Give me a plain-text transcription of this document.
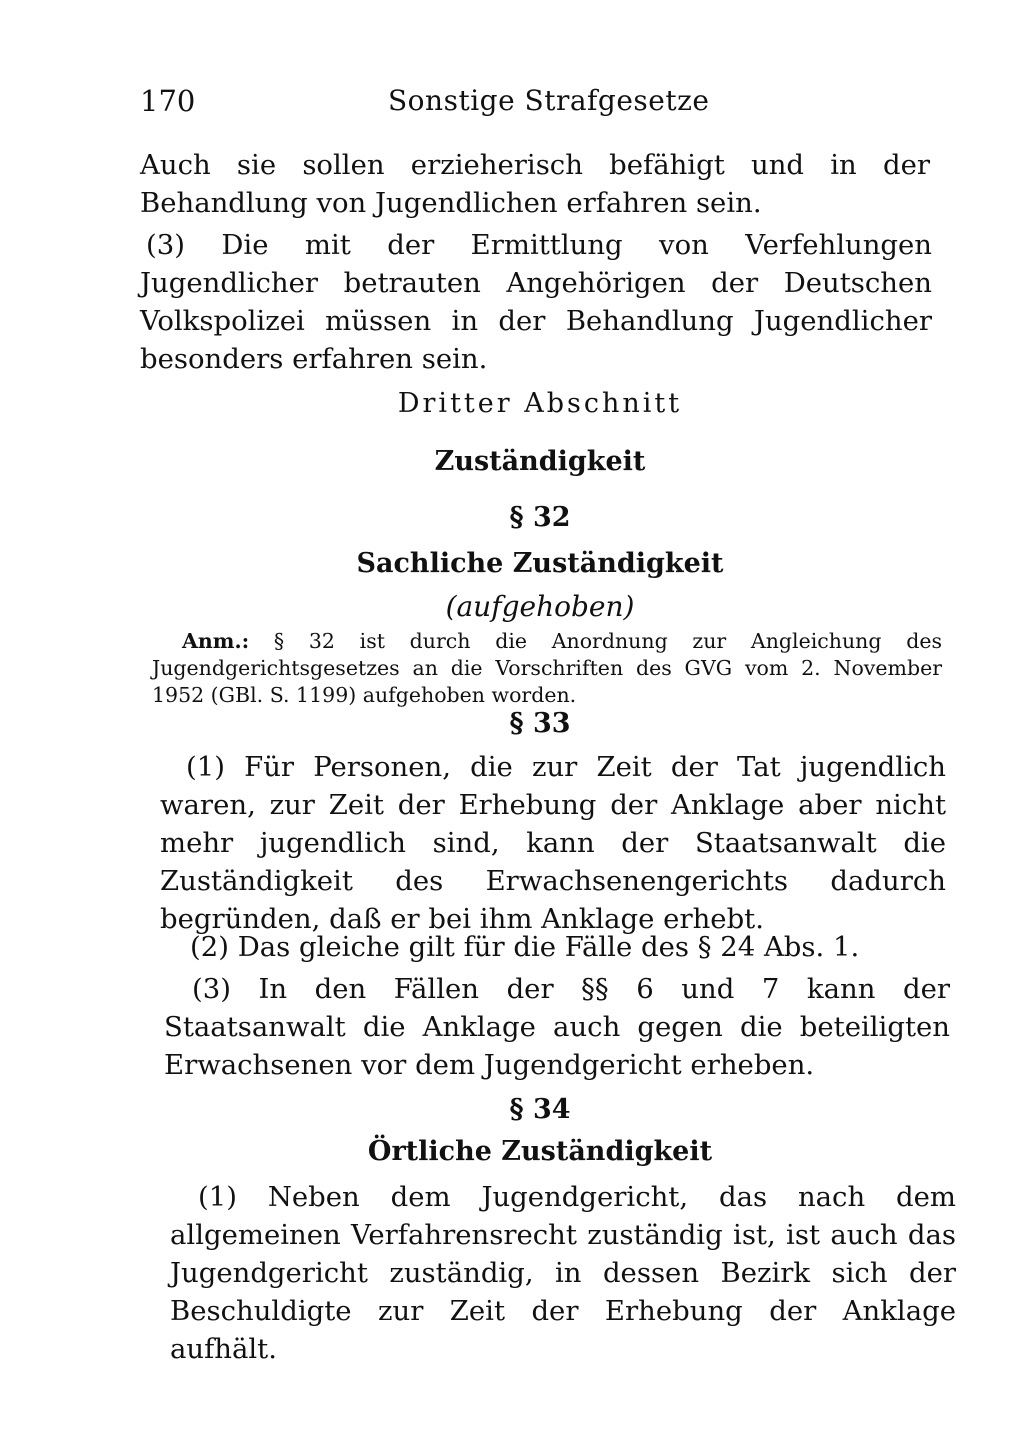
170	Sonstige Strafgesetze

Auch sie sollen erzieherisch befähigt und in der Behandlung von Jugendlichen erfahren sein.

(3) Die mit der Ermittlung von Verfehlungen Jugendlicher betrauten Angehörigen der Deutschen Volkspolizei müssen in der Behandlung Jugendlicher besonders erfahren sein.

Dritter Abschnitt

Zuständigkeit

§ 32

Sachliche Zuständigkeit

(aufgehoben)

Anm.: § 32 ist durch die Anordnung zur Angleichung des Jugendgerichtsgesetzes an die Vorschriften des GVG vom 2. November 1952 (GBl. S. 1199) aufgehoben worden.

§ 33

(1) Für Personen, die zur Zeit der Tat jugendlich waren, zur Zeit der Erhebung der Anklage aber nicht mehr jugendlich sind, kann der Staatsanwalt die Zuständigkeit des Erwachsenengerichts dadurch begründen, daß er bei ihm Anklage erhebt.

(2) Das gleiche gilt für die Fälle des § 24 Abs. 1.

(3) In den Fällen der §§ 6 und 7 kann der Staatsanwalt die Anklage auch gegen die beteiligten Erwachsenen vor dem Jugendgericht erheben.

§ 34

Örtliche Zuständigkeit

(1) Neben dem Jugendgericht, das nach dem allgemeinen Verfahrensrecht zuständig ist, ist auch das Jugendgericht zuständig, in dessen Bezirk sich der Beschuldigte zur Zeit der Erhebung der Anklage aufhält.
